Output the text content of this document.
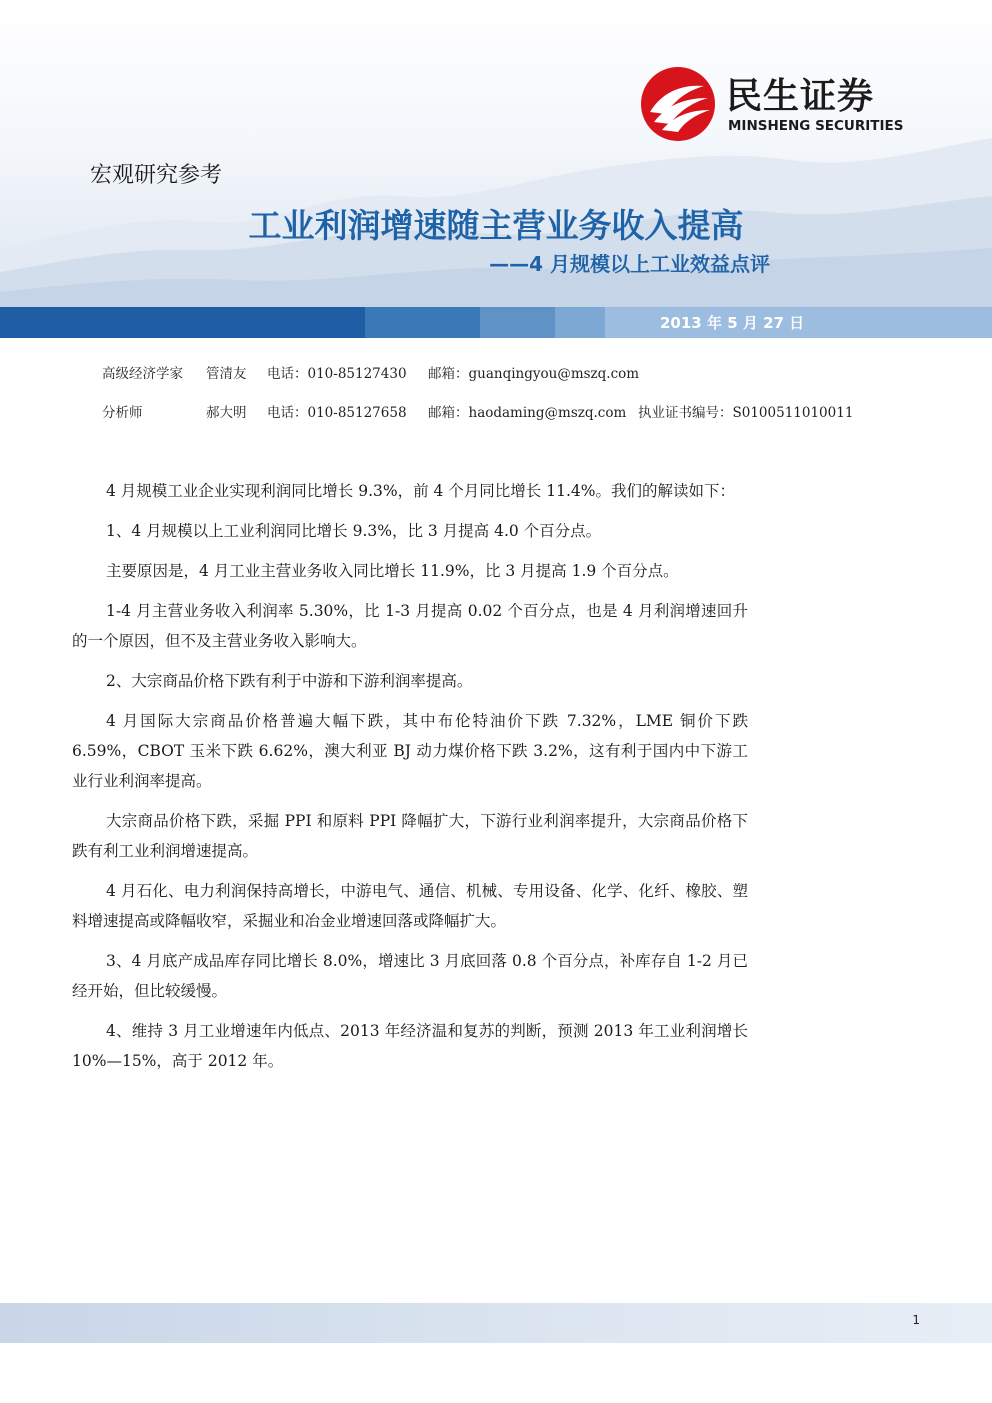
民生证券
MINSHENG SECURITIES
宏观研究参考
工业利润增速随主营业务收入提高
——4 月规模以上工业效益点评
2013 年 5 月 27 日
高级经济学家 管清友 电话：010-85127430 邮箱：guanqingyou@mszq.com
分析师	郝大明 电话：010-85127658 邮箱：haodaming@mszq.com 执业证书编号：S0100511010011

4 月规模工业企业实现利润同比增长 9.3%，前 4 个月同比增长 11.4%。我们的解读如下：

1、4 月规模以上工业利润同比增长 9.3%，比 3 月提高 4.0 个百分点。

主要原因是，4 月工业主营业务收入同比增长 11.9%，比 3 月提高 1.9 个百分点。

1-4 月主营业务收入利润率 5.30%，比 1-3 月提高 0.02 个百分点，也是 4 月利润增速回升的一个原因，但不及主营业务收入影响大。

2、大宗商品价格下跌有利于中游和下游利润率提高。

4 月国际大宗商品价格普遍大幅下跌，其中布伦特油价下跌 7.32%，LME 铜价下跌 6.59%，CBOT 玉米下跌 6.62%，澳大利亚 BJ 动力煤价格下跌 3.2%，这有利于国内中下游工业行业利润率提高。

大宗商品价格下跌，采掘 PPI 和原料 PPI 降幅扩大，下游行业利润率提升，大宗商品价格下跌有利工业利润增速提高。

4 月石化、电力利润保持高增长，中游电气、通信、机械、专用设备、化学、化纤、橡胶、塑料增速提高或降幅收窄，采掘业和冶金业增速回落或降幅扩大。

3、4 月底产成品库存同比增长 8.0%，增速比 3 月底回落 0.8 个百分点，补库存自 1-2 月已经开始，但比较缓慢。

4、维持 3 月工业增速年内低点、2013 年经济温和复苏的判断，预测 2013 年工业利润增长 10%—15%，高于 2012 年。

1
